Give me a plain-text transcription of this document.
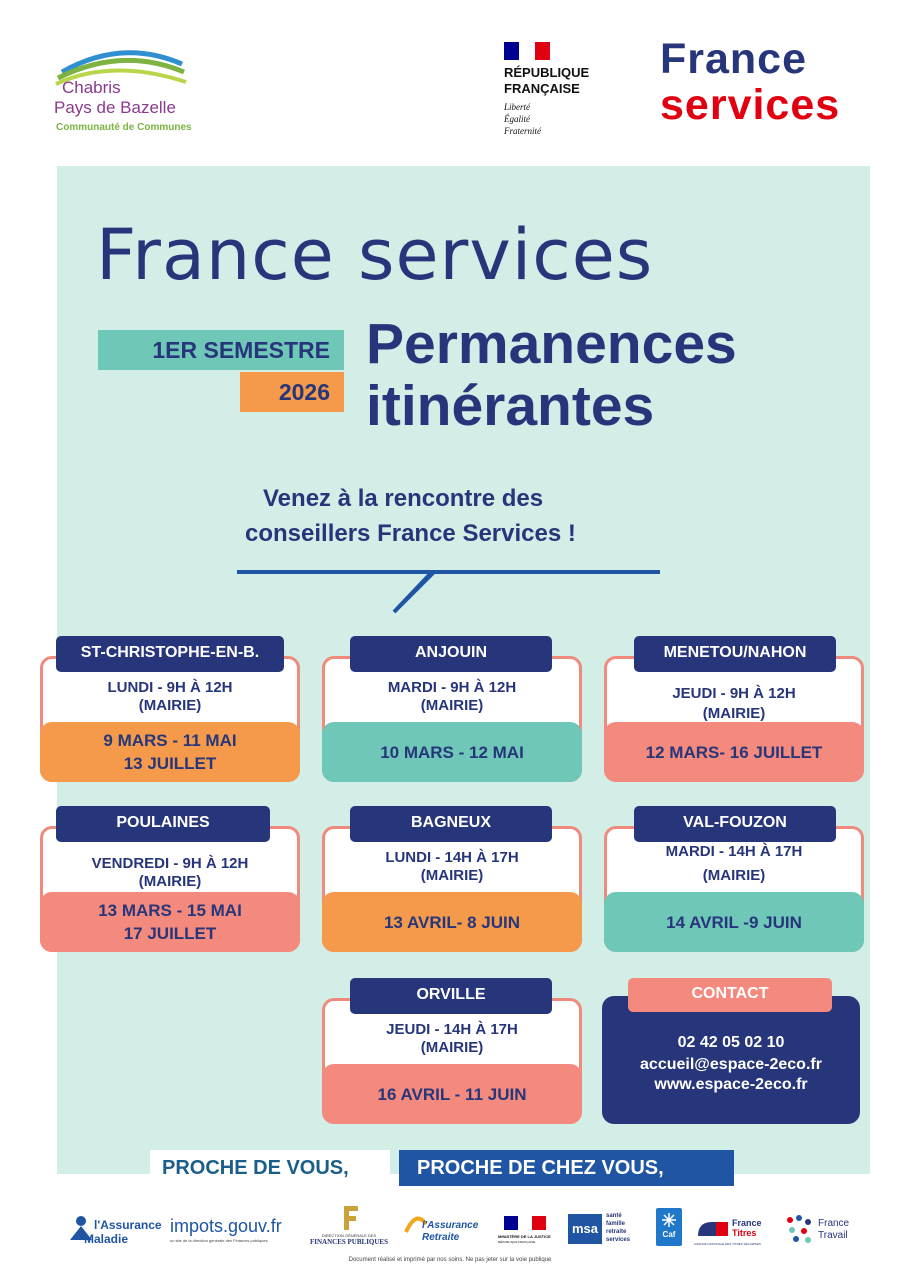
Chabris
Pays de Bazelle
Communauté de Communes
RÉPUBLIQUE
FRANÇAISE
Liberté
Égalité
Fraternité
France
services
France services
1ER SEMESTRE
2026
Permanences
itinérantes
Venez à la rencontre des
conseillers France Services !
ST-CHRISTOPHE-EN-B.
LUNDI - 9H À 12H
(MAIRIE)
9 MARS - 11 MAI
13 JUILLET
ANJOUIN
MARDI - 9H À 12H
(MAIRIE)
10 MARS - 12 MAI
MENETOU/NAHON
JEUDI - 9H À 12H
(MAIRIE)
12 MARS- 16 JUILLET
POULAINES
VENDREDI - 9H À 12H
(MAIRIE)
13 MARS - 15 MAI
17 JUILLET
BAGNEUX
LUNDI - 14H À 17H
(MAIRIE)
13 AVRIL- 8 JUIN
VAL-FOUZON
MARDI - 14H À 17H
(MAIRIE)
14 AVRIL -9 JUIN
ORVILLE
JEUDI - 14H À 17H
(MAIRIE)
16 AVRIL - 11 JUIN
CONTACT
02 42 05 02 10
accueil@espace-2eco.fr
www.espace-2eco.fr
PROCHE DE VOUS,	PROCHE DE CHEZ VOUS,
l'Assurance
Maladie
impots.gouv.fr
un site de la direction générale des Finances publiques
DIRECTION GÉNÉRALE DES
FINANCES PUBLIQUES
l'Assurance
Retraite	MINISTÈRE DE LA JUSTICE
RÉPUBLIQUE FRANÇAISE
msa
santé
famille
retraite
services
Caf
France
Titres
AGENCE NATIONALE DES TITRES SÉCURISÉS
France
Travail
Document réalisé et imprimé par nos soins. Ne pas jeter sur la voie publique
